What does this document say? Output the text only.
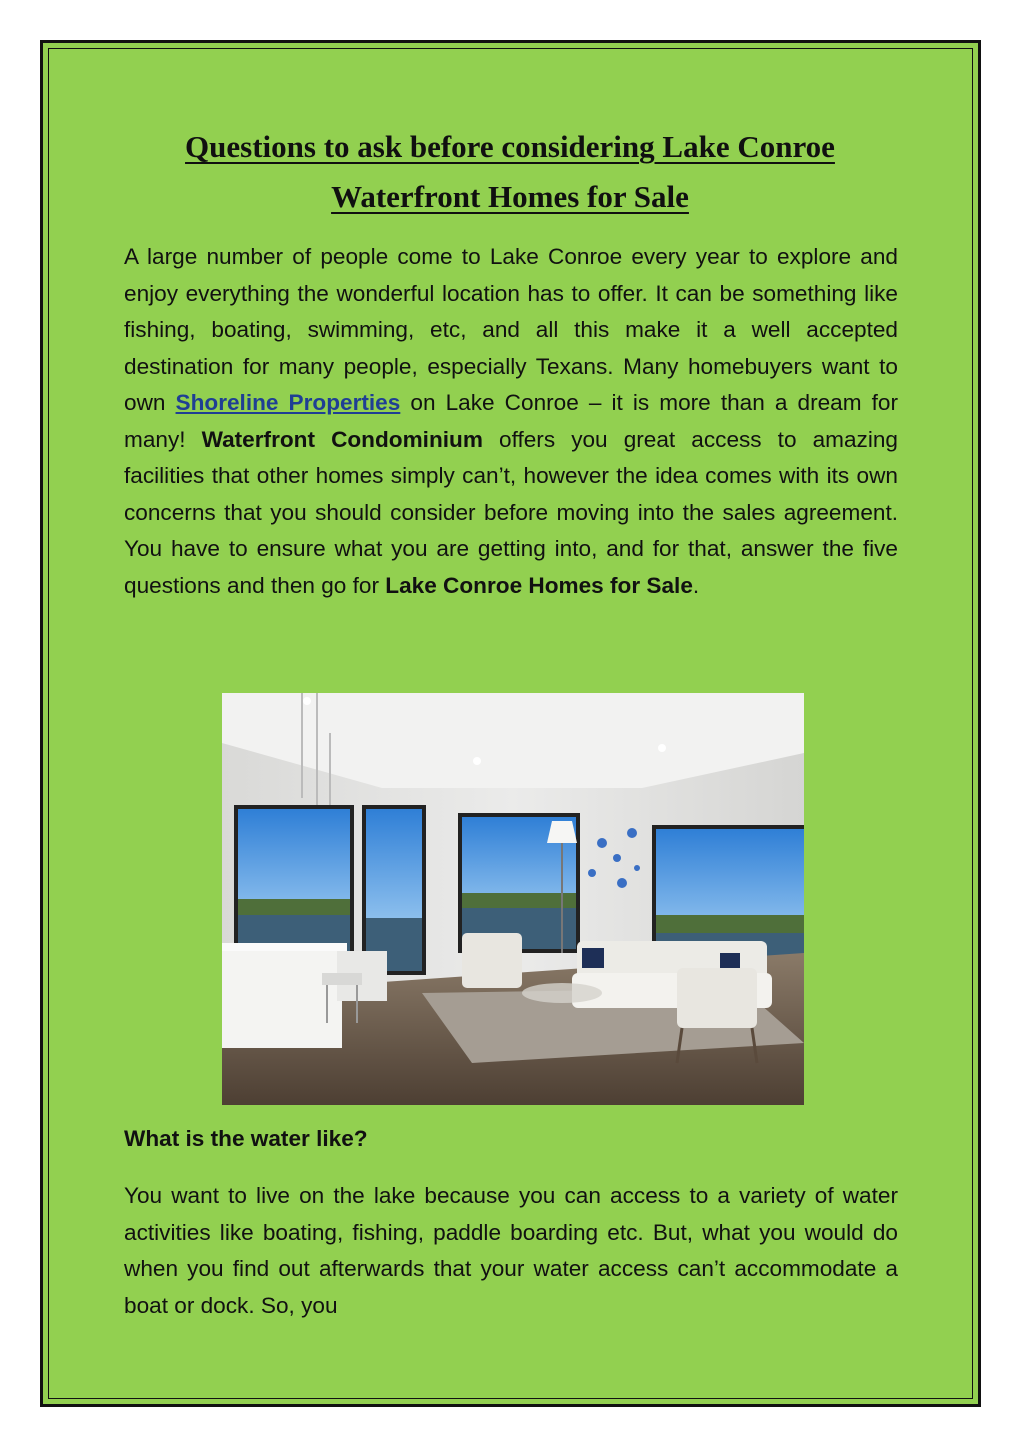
Questions to ask before considering Lake Conroe Waterfront Homes for Sale

A large number of people come to Lake Conroe every year to explore and enjoy everything the wonderful location has to offer. It can be something like fishing, boating, swimming, etc, and all this make it a well accepted destination for many people, especially Texans. Many homebuyers want to own Shoreline Properties on Lake Conroe – it is more than a dream for many! Waterfront Condominium offers you great access to amazing facilities that other homes simply can’t, however the idea comes with its own concerns that you should consider before moving into the sales agreement. You have to ensure what you are getting into, and for that, answer the five questions and then go for Lake Conroe Homes for Sale.

What is the water like?

You want to live on the lake because you can access to a variety of water activities like boating, fishing, paddle boarding etc. But, what you would do when you find out afterwards that your water access can’t accommodate a boat or dock. So, you
